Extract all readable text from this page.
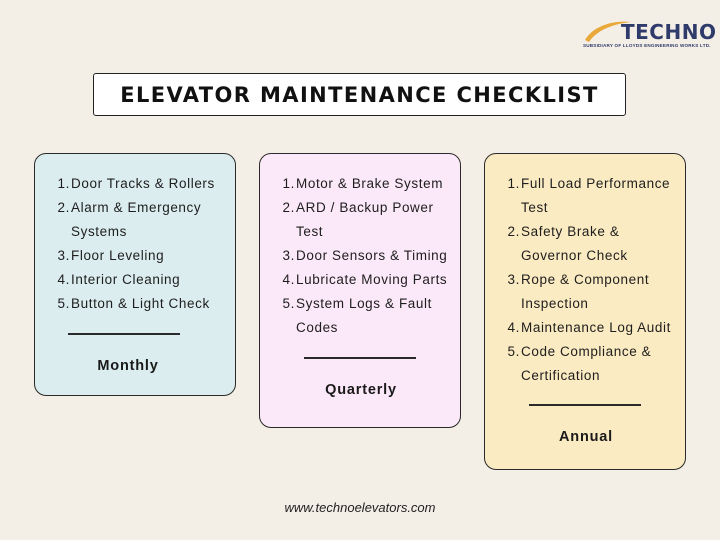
TECHNO
SUBSIDIARY OF LLOYDS ENGINEERING WORKS LTD.
ELEVATOR MAINTENANCE CHECKLIST
1. Door Tracks & Rollers
2. Alarm & Emergency Systems
3. Floor Leveling
4. Interior Cleaning
5. Button & Light Check
Monthly
1. Motor & Brake System
2. ARD / Backup Power Test
3. Door Sensors & Timing
4. Lubricate Moving Parts
5. System Logs & Fault Codes
Quarterly
1. Full Load Performance Test
2. Safety Brake & Governor Check
3. Rope & Component Inspection
4. Maintenance Log Audit
5. Code Compliance & Certification
Annual
www.technoelevators.com
